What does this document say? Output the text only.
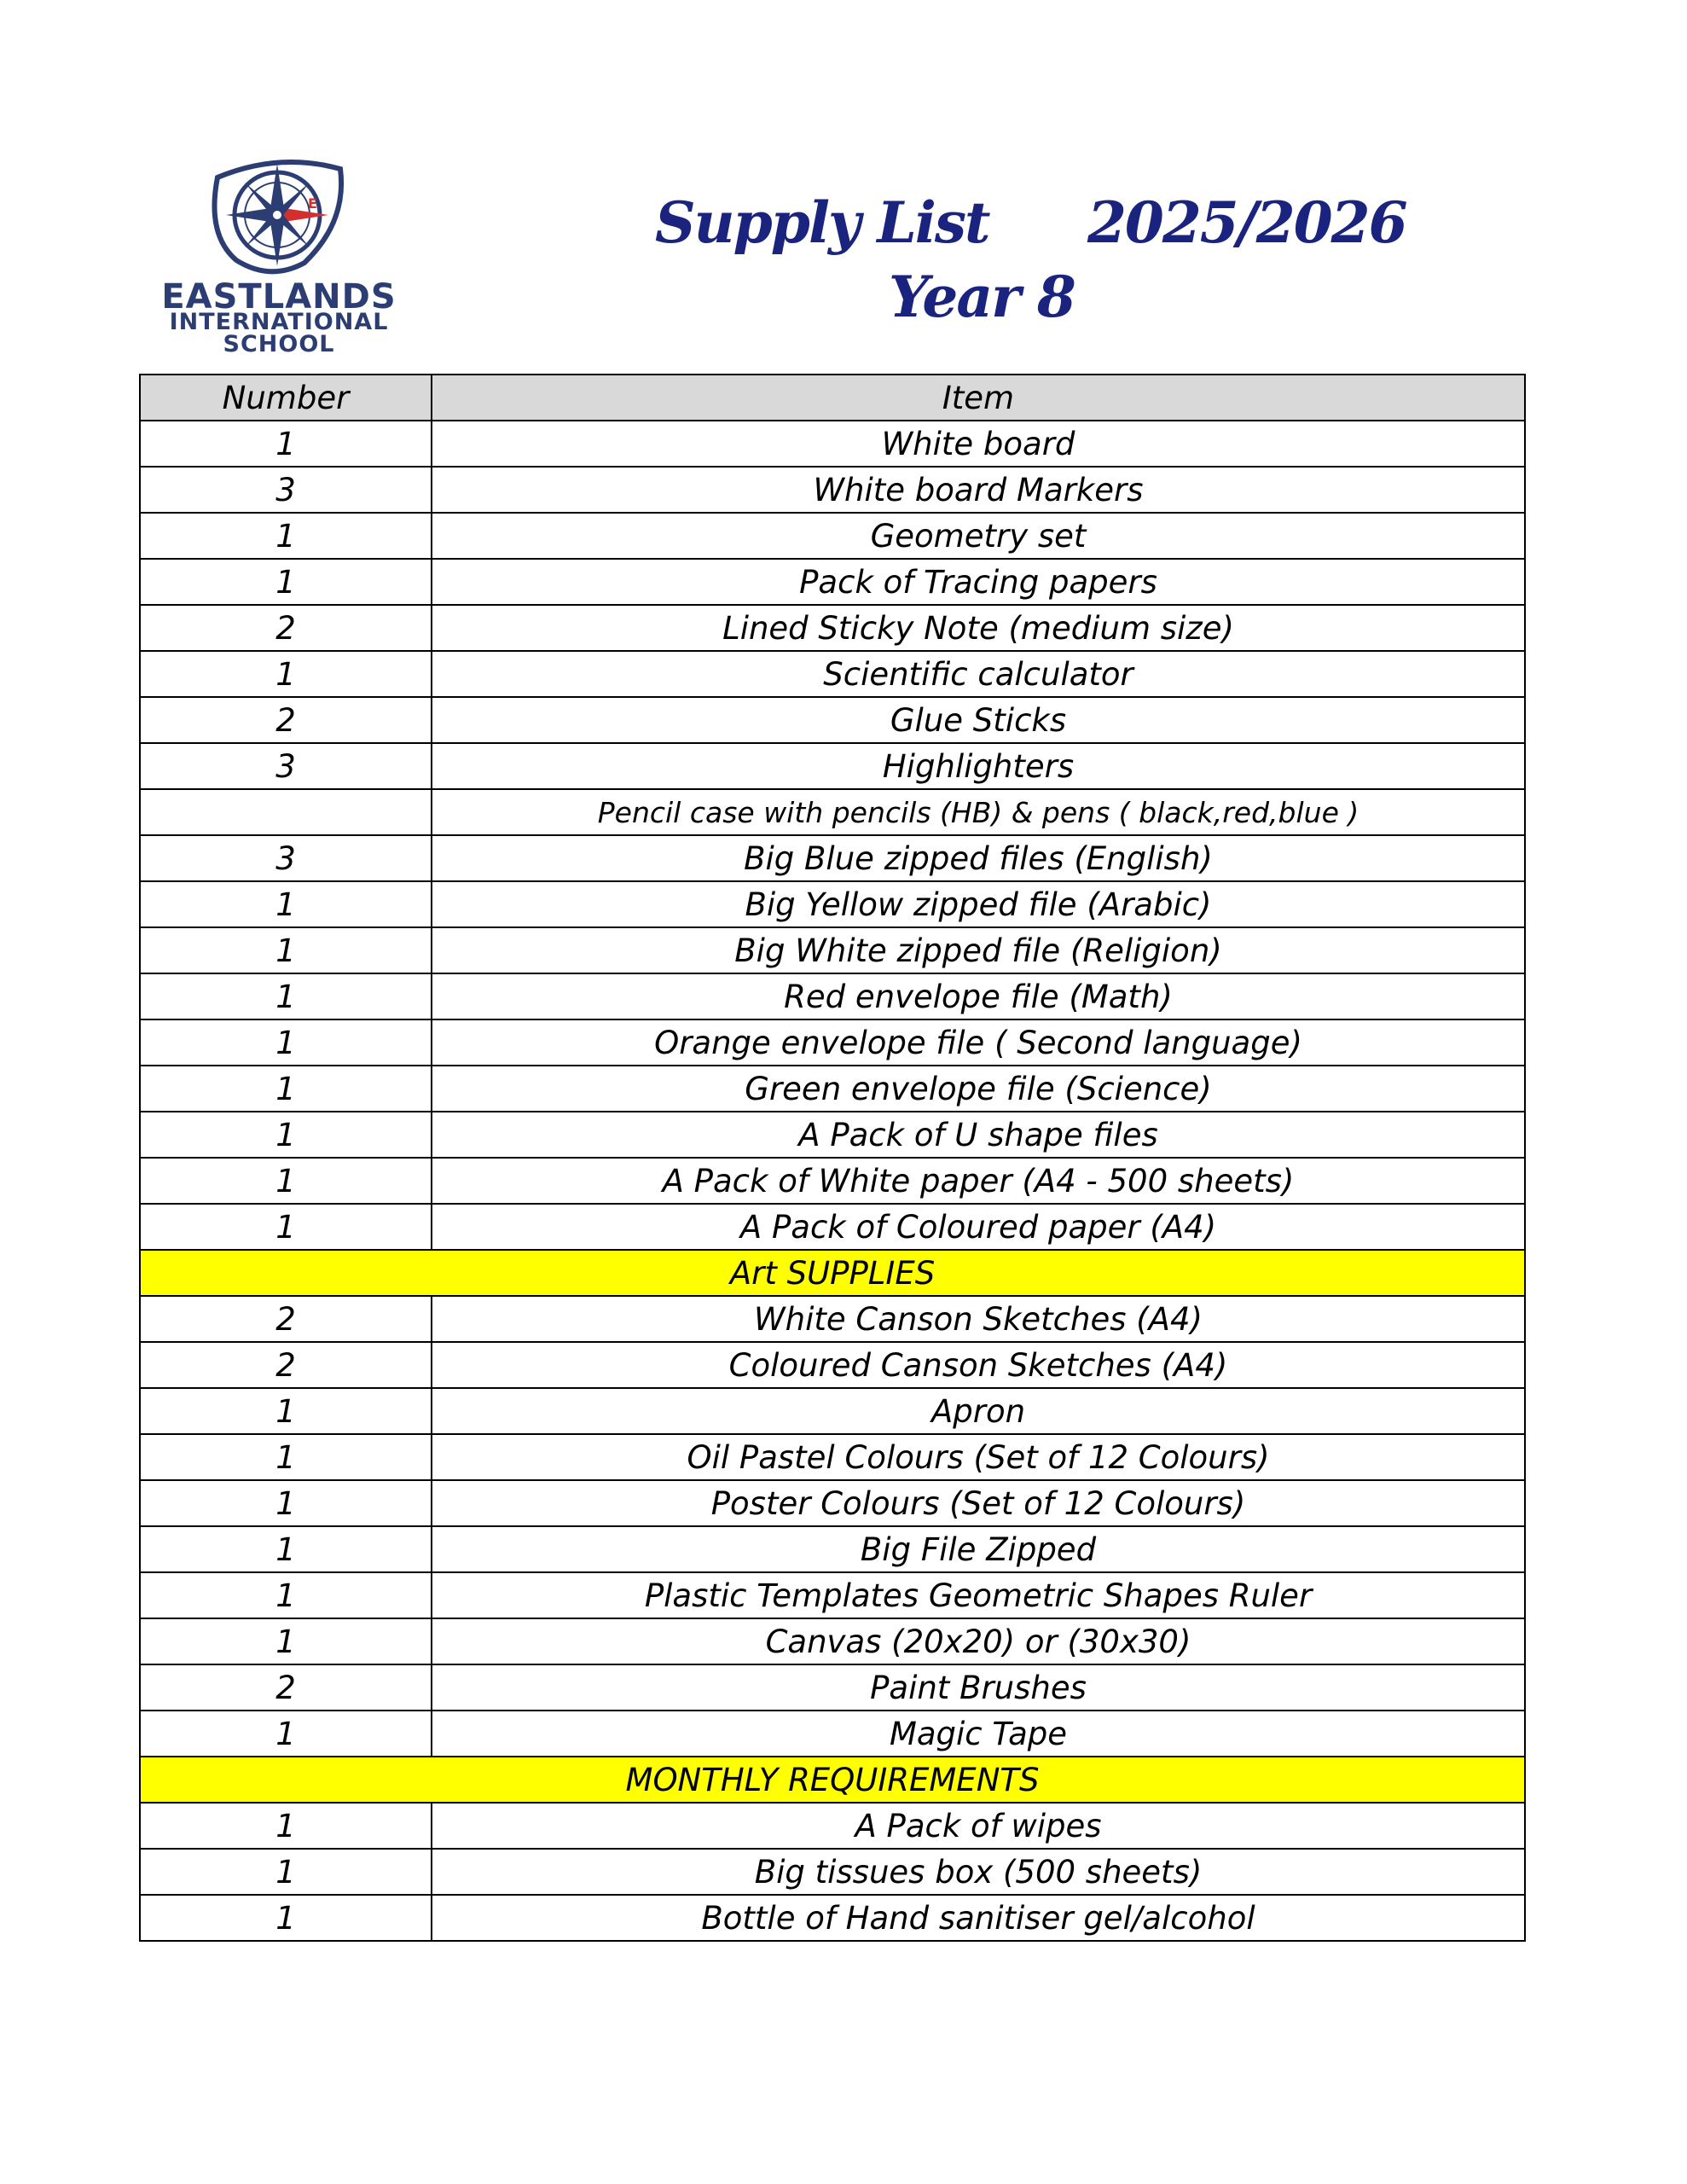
E
EASTLANDS
INTERNATIONAL
SCHOOL
Supply List 2025/2026
Year 8
Number	Item
1	White board
3	White board Markers
1	Geometry set
1	Pack of Tracing papers
2	Lined Sticky Note (medium size)
1	Scientific calculator
2	Glue Sticks
3	Highlighters
	Pencil case with pencils (HB) & pens ( black,red,blue )
3	Big Blue zipped files (English)
1	Big Yellow zipped file (Arabic)
1	Big White zipped file (Religion)
1	Red envelope file (Math)
1	Orange envelope file ( Second language)
1	Green envelope file (Science)
1	A Pack of U shape files
1	A Pack of White paper (A4 - 500 sheets)
1	A Pack of Coloured paper (A4)
Art SUPPLIES	
2	White Canson Sketches (A4)
2	Coloured Canson Sketches (A4)
1	Apron
1	Oil Pastel Colours (Set of 12 Colours)
1	Poster Colours (Set of 12 Colours)
1	Big File Zipped
1	Plastic Templates Geometric Shapes Ruler
1	Canvas (20x20) or (30x30)
2	Paint Brushes
1	Magic Tape
MONTHLY REQUIREMENTS	
1	A Pack of wipes
1	Big tissues box (500 sheets)
1	Bottle of Hand sanitiser gel/alcohol
